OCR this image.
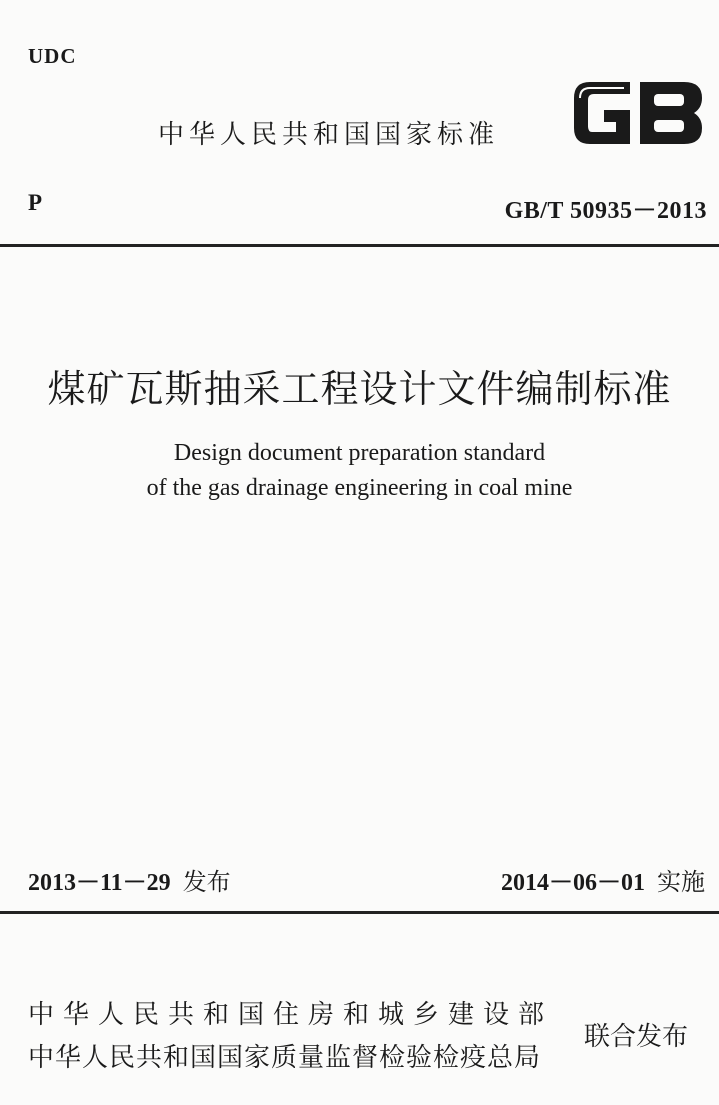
UDC
中华人民共和国国家标准
P	GB/T 50935－2013
煤矿瓦斯抽采工程设计文件编制标准
Design document preparation standard
of the gas drainage engineering in coal mine
2013－11－29 发布	2014－06－01 实施
中华人民共和国住房和城乡建设部
中华人民共和国国家质量监督检验检疫总局
联合发布
